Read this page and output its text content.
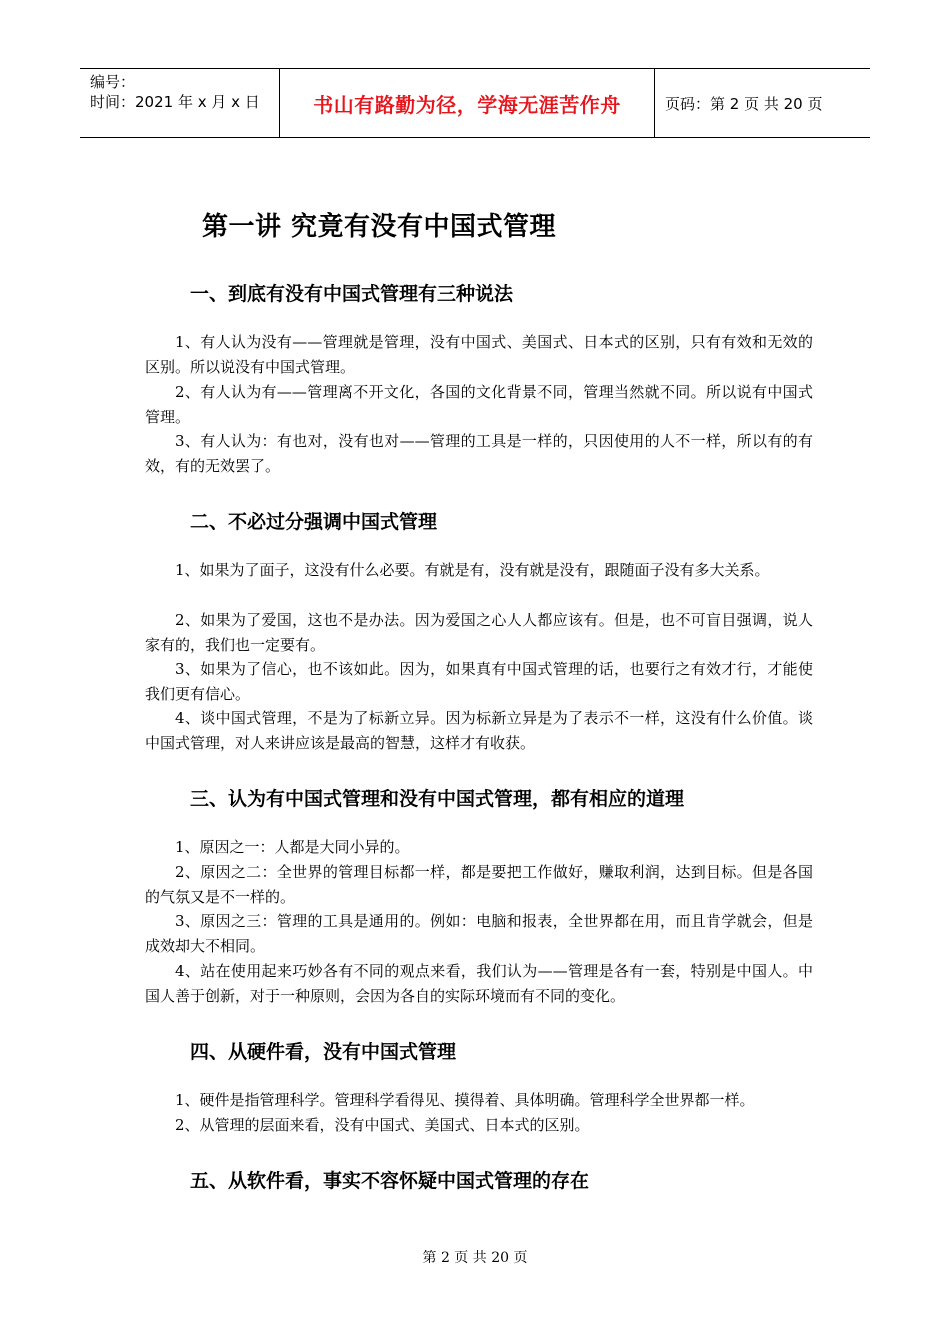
编号：
时间：2021 年 x 月 x 日	书山有路勤为径，学海无涯苦作舟	页码：第 2 页 共 20 页
第一讲 究竟有没有中国式管理
一、到底有没有中国式管理有三种说法
1、有人认为没有——管理就是管理，没有中国式、美国式、日本式的区别，只有有效和无效的区别。所以说没有中国式管理。
2、有人认为有——管理离不开文化，各国的文化背景不同，管理当然就不同。所以说有中国式管理。
3、有人认为：有也对，没有也对——管理的工具是一样的，只因使用的人不一样，所以有的有效，有的无效罢了。
二、不必过分强调中国式管理
1、如果为了面子，这没有什么必要。有就是有，没有就是没有，跟随面子没有多大关系。
2、如果为了爱国，这也不是办法。因为爱国之心人人都应该有。但是，也不可盲目强调，说人家有的，我们也一定要有。
3、如果为了信心，也不该如此。因为，如果真有中国式管理的话，也要行之有效才行，才能使我们更有信心。
4、谈中国式管理，不是为了标新立异。因为标新立异是为了表示不一样，这没有什么价值。谈中国式管理，对人来讲应该是最高的智慧，这样才有收获。
三、认为有中国式管理和没有中国式管理，都有相应的道理
1、原因之一：人都是大同小异的。
2、原因之二：全世界的管理目标都一样，都是要把工作做好，赚取利润，达到目标。但是各国的气氛又是不一样的。
3、原因之三：管理的工具是通用的。例如：电脑和报表，全世界都在用，而且肯学就会，但是成效却大不相同。
4、站在使用起来巧妙各有不同的观点来看，我们认为——管理是各有一套，特别是中国人。中国人善于创新，对于一种原则，会因为各自的实际环境而有不同的变化。
四、从硬件看，没有中国式管理
1、硬件是指管理科学。管理科学看得见、摸得着、具体明确。管理科学全世界都一样。
2、从管理的层面来看，没有中国式、美国式、日本式的区别。
五、从软件看，事实不容怀疑中国式管理的存在
第 2 页 共 20 页
